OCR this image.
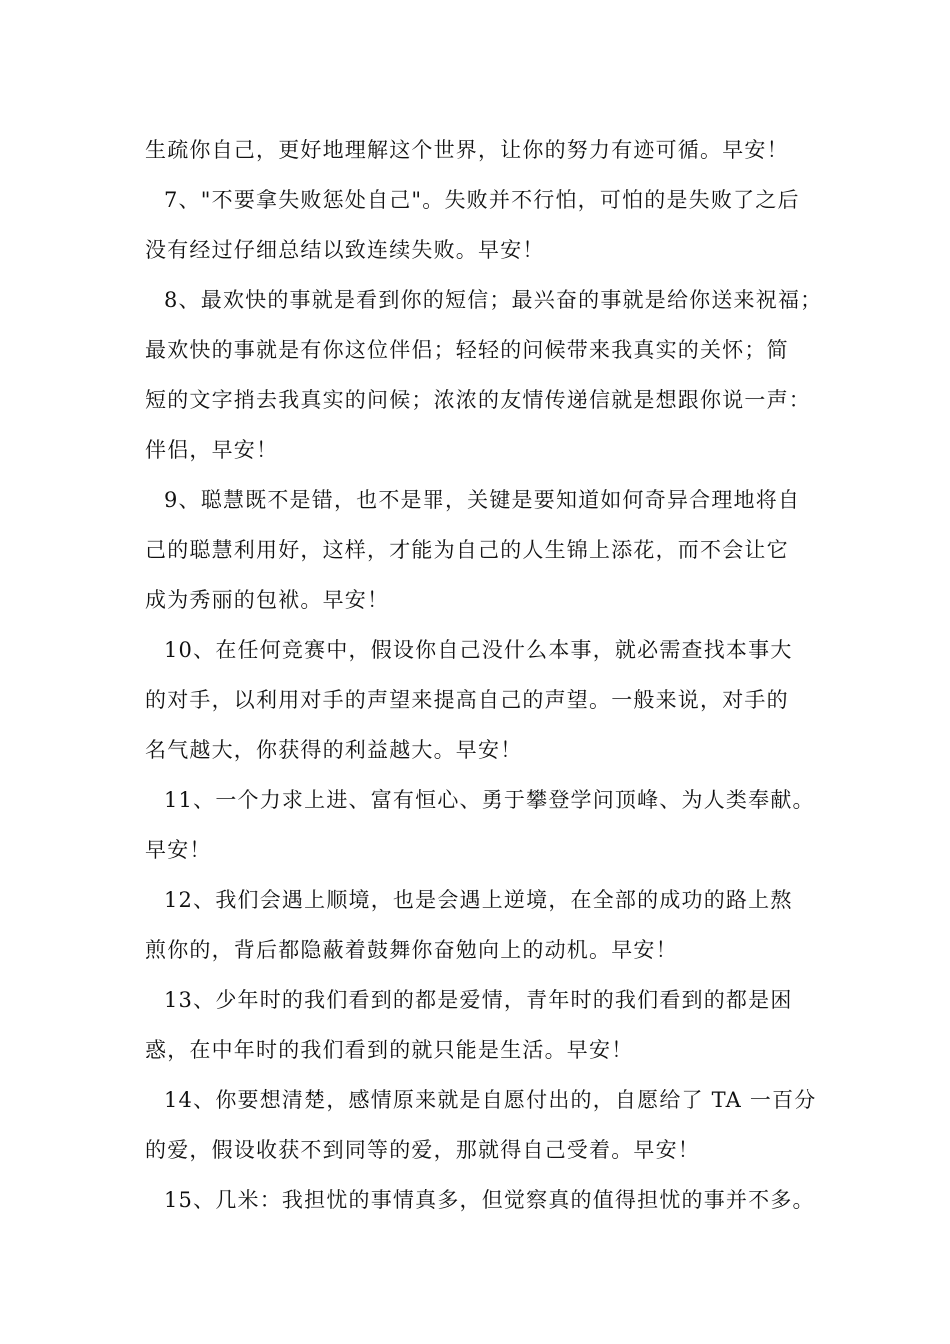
生疏你自己，更好地理解这个世界，让你的努力有迹可循。早安！
7、"不要拿失败惩处自己"。失败并不行怕，可怕的是失败了之后
没有经过仔细总结以致连续失败。早安！
8、最欢快的事就是看到你的短信；最兴奋的事就是给你送来祝福；
最欢快的事就是有你这位伴侣；轻轻的问候带来我真实的关怀；简
短的文字捎去我真实的问候；浓浓的友情传递信就是想跟你说一声：
伴侣，早安！
9、聪慧既不是错，也不是罪，关键是要知道如何奇异合理地将自
己的聪慧利用好，这样，才能为自己的人生锦上添花，而不会让它
成为秀丽的包袱。早安！
10、在任何竞赛中，假设你自己没什么本事，就必需查找本事大
的对手，以利用对手的声望来提高自己的声望。一般来说，对手的
名气越大，你获得的利益越大。早安！
11、一个力求上进、富有恒心、勇于攀登学问顶峰、为人类奉献。
早安！
12、我们会遇上顺境，也是会遇上逆境，在全部的成功的路上熬
煎你的，背后都隐蔽着鼓舞你奋勉向上的动机。早安！
13、少年时的我们看到的都是爱情，青年时的我们看到的都是困
惑，在中年时的我们看到的就只能是生活。早安！
14、你要想清楚，感情原来就是自愿付出的，自愿给了 TA 一百分
的爱，假设收获不到同等的爱，那就得自己受着。早安！
15、几米：我担忧的事情真多，但觉察真的值得担忧的事并不多。
